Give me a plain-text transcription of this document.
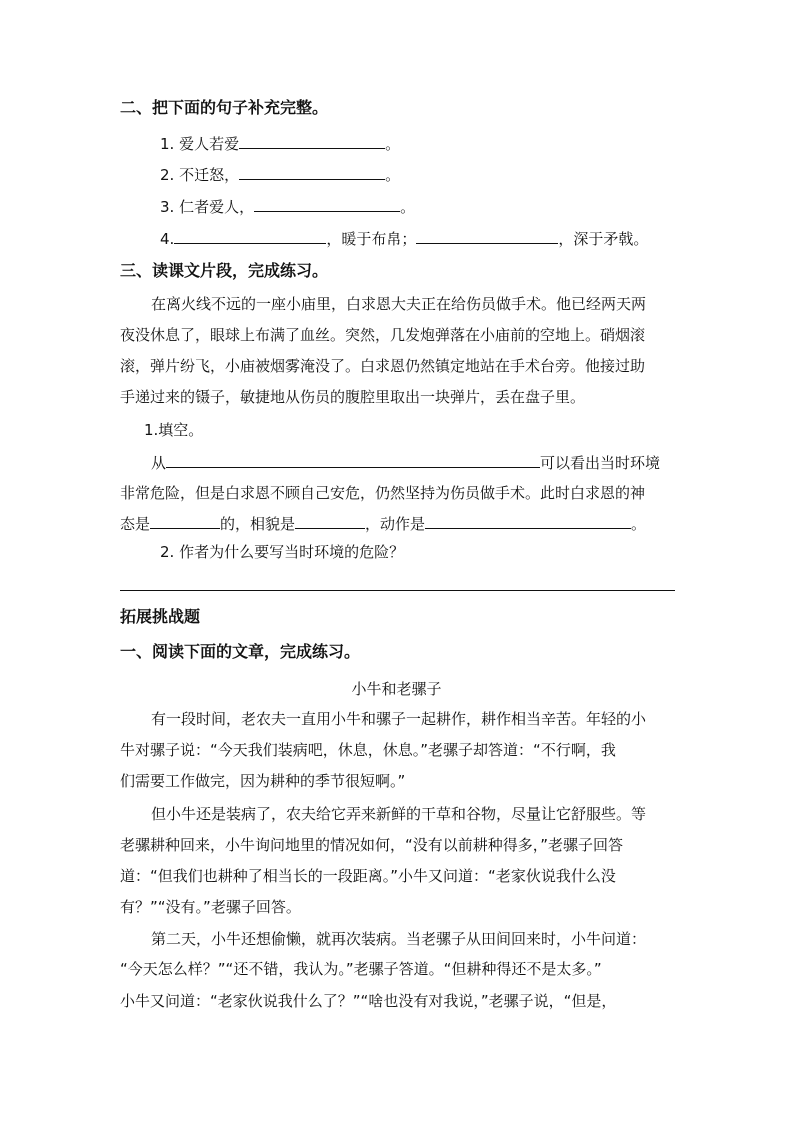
二、把下面的句子补充完整。
1. 爱人若爱	。
2. 不迁怒，	。
3. 仁者爱人，	。
4.	，暖于布帛；	，深于矛戟。
三、读课文片段，完成练习。
在离火线不远的一座小庙里，白求恩大夫正在给伤员做手术。他已经两天两
夜没休息了，眼球上布满了血丝。突然，几发炮弹落在小庙前的空地上。硝烟滚
滚，弹片纷飞，小庙被烟雾淹没了。白求恩仍然镇定地站在手术台旁。他接过助
手递过来的镊子，敏捷地从伤员的腹腔里取出一块弹片，丢在盘子里。
1.填空。
从	可以看出当时环境
非常危险，但是白求恩不顾自己安危，仍然坚持为伤员做手术。此时白求恩的神
态是	的，相貌是	，动作是	。
2. 作者为什么要写当时环境的危险？
拓展挑战题
一、阅读下面的文章，完成练习。
小牛和老骡子
有一段时间，老农夫一直用小牛和骡子一起耕作，耕作相当辛苦。年轻的小
牛对骡子说：“今天我们装病吧，休息，休息。”老骡子却答道：“不行啊，我
们需要工作做完，因为耕种的季节很短啊。”
但小牛还是装病了，农夫给它弄来新鲜的干草和谷物，尽量让它舒服些。等
老骡耕种回来，小牛询问地里的情况如何，“没有以前耕种得多，”老骡子回答
道：“但我们也耕种了相当长的一段距离。”小牛又问道：“老家伙说我什么没
有？”“没有。”老骡子回答。
第二天，小牛还想偷懒，就再次装病。当老骡子从田间回来时，小牛问道：
“今天怎么样？”“还不错，我认为。”老骡子答道。“但耕种得还不是太多。”
小牛又问道：“老家伙说我什么了？”“啥也没有对我说，”老骡子说，“但是，
